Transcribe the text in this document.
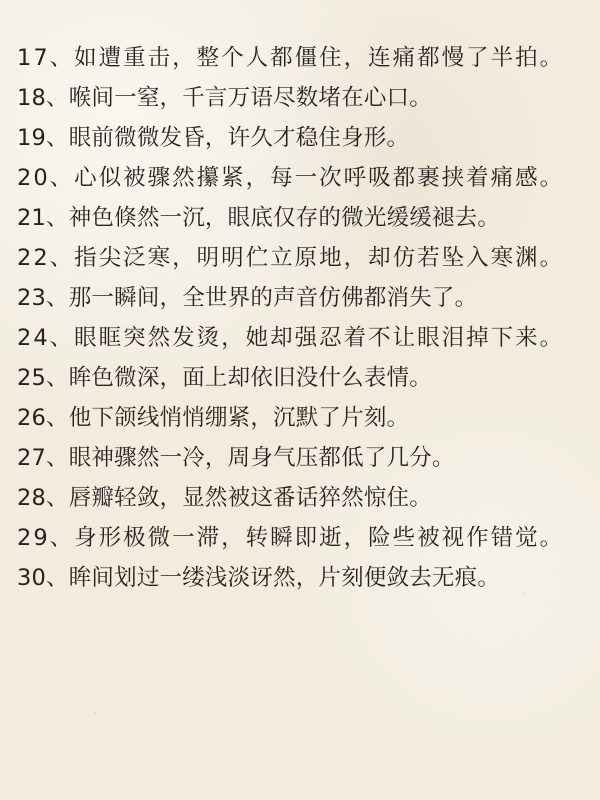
17、如遭重击，整个人都僵住，连痛都慢了半拍。

18、喉间一窒，千言万语尽数堵在心口。

19、眼前微微发昏，许久才稳住身形。

20、心似被骤然攥紧，每一次呼吸都裹挟着痛感。

21、神色倏然一沉，眼底仅存的微光缓缓褪去。

22、指尖泛寒，明明伫立原地，却仿若坠入寒渊。

23、那一瞬间，全世界的声音仿佛都消失了。

24、眼眶突然发烫，她却强忍着不让眼泪掉下来。

25、眸色微深，面上却依旧没什么表情。

26、他下颌线悄悄绷紧，沉默了片刻。

27、眼神骤然一冷，周身气压都低了几分。

28、唇瓣轻敛，显然被这番话猝然惊住。

29、身形极微一滞，转瞬即逝，险些被视作错觉。

30、眸间划过一缕浅淡讶然，片刻便敛去无痕。
